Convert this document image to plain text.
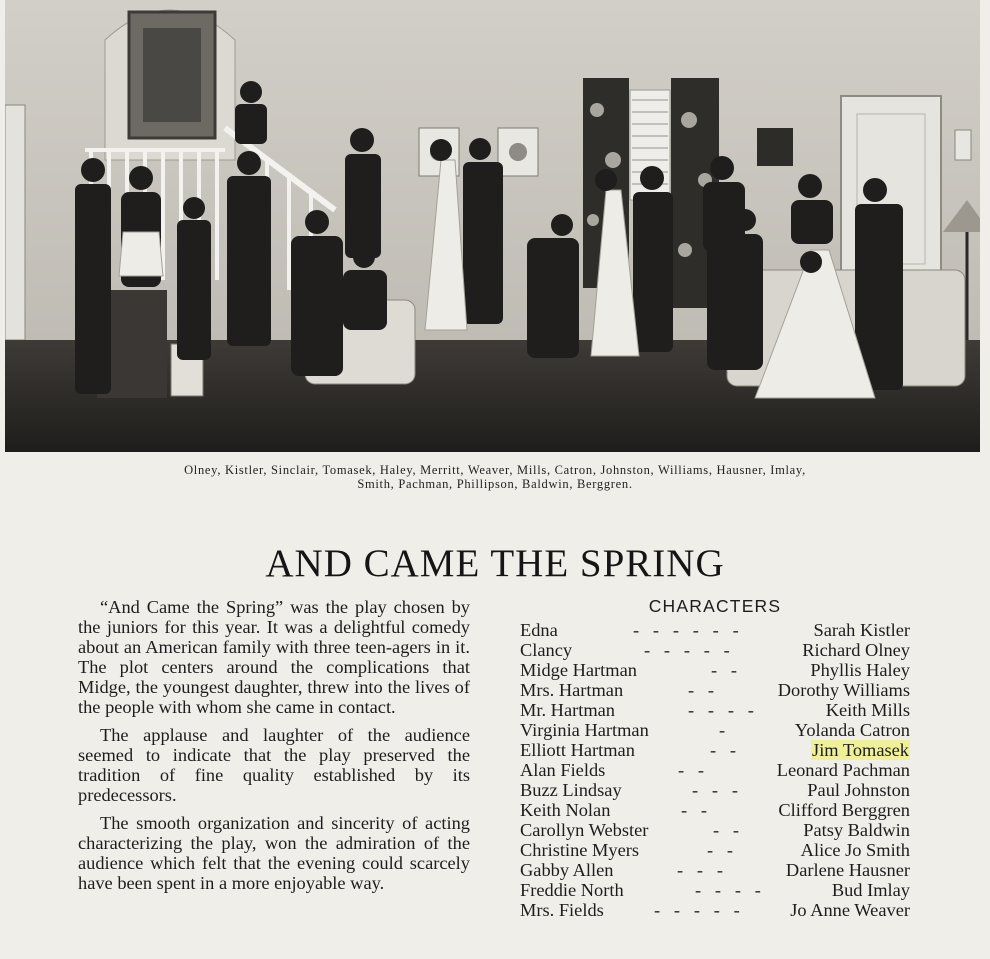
Olney, Kistler, Sinclair, Tomasek, Haley, Merritt, Weaver, Mills, Catron, Johnston, Williams, Hausner, Imlay,
Smith, Pachman, Phillipson, Baldwin, Berggren.
AND CAME THE SPRING

“And Came the Spring” was the play chosen by the juniors for this year. It was a delightful comedy about an American family with three teen-agers in it. The plot centers around the complications that Midge, the youngest daughter, threw into the lives of the people with whom she came in contact.

The applause and laughter of the audience seemed to indicate that the play preserved the tradition of fine quality established by its predecessors.

The smooth organization and sincerity of acting characterizing the play, won the admiration of the audience which felt that the evening could scarcely have been spent in a more enjoyable way.

CHARACTERS
Edna	-   -   -   -   -   -	Sarah Kistler
Clancy	-   -   -   -   -	Richard Olney
Midge Hartman	-   -	Phyllis Haley
Mrs. Hartman	-   -	Dorothy Williams
Mr. Hartman	-   -   -   -	Keith Mills
Virginia Hartman	-	Yolanda Catron
Elliott Hartman	-   -	Jim Tomasek
Alan Fields	-   -	Leonard Pachman
Buzz Lindsay	-   -   -	Paul Johnston
Keith Nolan	-   -	Clifford Berggren
Carollyn Webster	-   -	Patsy Baldwin
Christine Myers	-   -	Alice Jo Smith
Gabby Allen	-   -   -	Darlene Hausner
Freddie North	-   -   -   -	Bud Imlay
Mrs. Fields	-   -   -   -   -	Jo Anne Weaver
